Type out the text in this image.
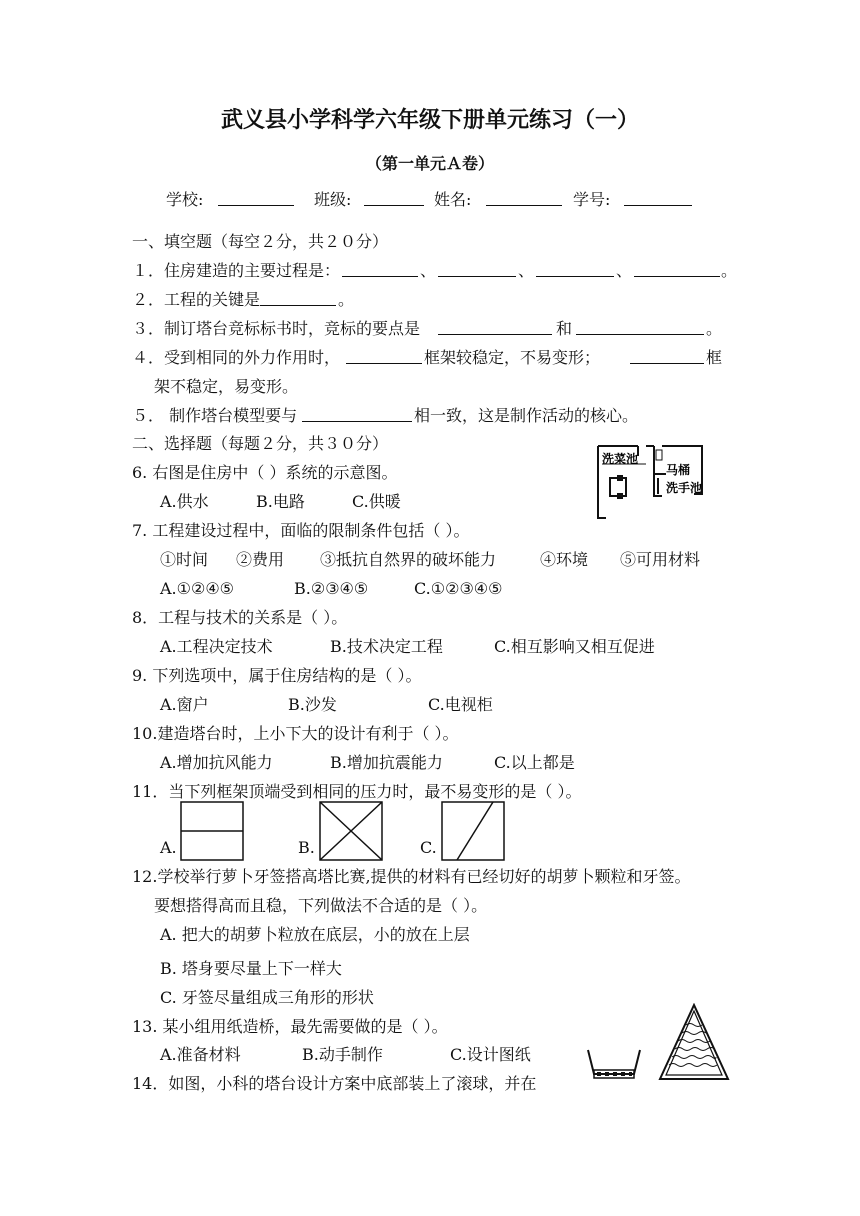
武义县小学科学六年级下册单元练习（一）
（第一单元Ａ卷）
学校:	班级:	姓名:	学号:
一、填空题（每空２分，共２０分）
１．住房建造的主要过程是：	、	、	、	。
２．工程的关键是	。
３．制订塔台竞标标书时，竞标的要点是	和	。
４．受到相同的外力作用时，	框架较稳定，不易变形；	框
架不稳定，易变形。
５． 制作塔台模型要与	相一致，这是制作活动的核心。
二、选择题（每题２分，共３０分）
6. 右图是住房中（ ）系统的示意图。
A.供水	B.电路	C.供暖
洗菜池
马桶
洗手池
7. 工程建设过程中，面临的限制条件包括（ ）。
①时间 ②费用 ③抵抗自然界的破坏能力	④环境 ⑤可用材料
A.①②④⑤	B.②③④⑤	C.①②③④⑤
8．工程与技术的关系是（ ）。
A.工程决定技术	B.技术决定工程	C.相互影响又相互促进
9. 下列选项中，属于住房结构的是（ ）。
A.窗户	B.沙发	C.电视柜
10.建造塔台时，上小下大的设计有利于（ ）。
A.增加抗风能力	B.增加抗震能力	C.以上都是
11．当下列框架顶端受到相同的压力时，最不易变形的是（ ）。
A.	B.	C.
12.学校举行萝卜牙签搭高塔比赛,提供的材料有已经切好的胡萝卜颗粒和牙签。
要想搭得高而且稳，下列做法不合适的是（ ）。
A. 把大的胡萝卜粒放在底层，小的放在上层
B. 塔身要尽量上下一样大
C. 牙签尽量组成三角形的形状
13. 某小组用纸造桥，最先需要做的是（ ）。
A.准备材料	B.动手制作	C.设计图纸
14．如图，小科的塔台设计方案中底部装上了滚球，并在
